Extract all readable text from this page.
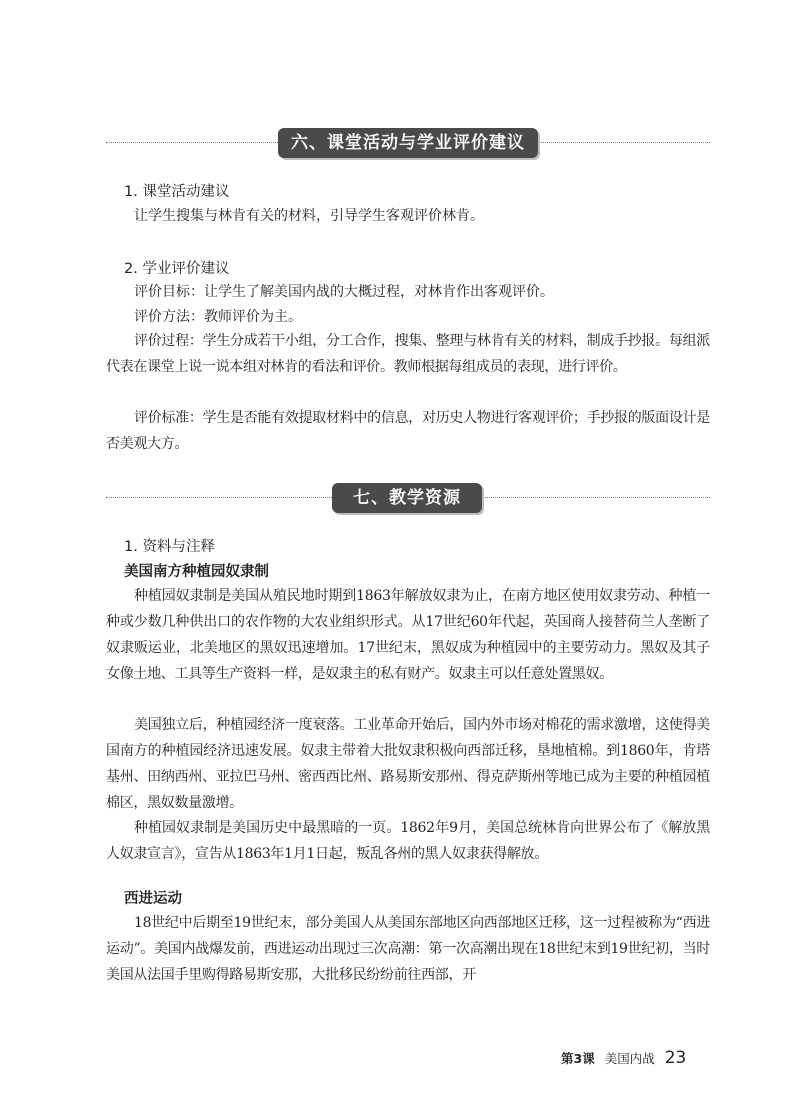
六、课堂活动与学业评价建议
1. 课堂活动建议

让学生搜集与林肯有关的材料，引导学生客观评价林肯。

2. 学业评价建议

评价目标：让学生了解美国内战的大概过程，对林肯作出客观评价。

评价方法：教师评价为主。

评价过程：学生分成若干小组，分工合作，搜集、整理与林肯有关的材料，制成手抄报。每组派代表在课堂上说一说本组对林肯的看法和评价。教师根据每组成员的表现，进行评价。

评价标准：学生是否能有效提取材料中的信息，对历史人物进行客观评价；手抄报的版面设计是否美观大方。

七、教学资源
1. 资料与注释
美国南方种植园奴隶制

种植园奴隶制是美国从殖民地时期到1863年解放奴隶为止，在南方地区使用奴隶劳动、种植一种或少数几种供出口的农作物的大农业组织形式。从17世纪60年代起，英国商人接替荷兰人垄断了奴隶贩运业，北美地区的黑奴迅速增加。17世纪末，黑奴成为种植园中的主要劳动力。黑奴及其子女像土地、工具等生产资料一样，是奴隶主的私有财产。奴隶主可以任意处置黑奴。

美国独立后，种植园经济一度衰落。工业革命开始后，国内外市场对棉花的需求激增，这使得美国南方的种植园经济迅速发展。奴隶主带着大批奴隶积极向西部迁移，垦地植棉。到1860年，肯塔基州、田纳西州、亚拉巴马州、密西西比州、路易斯安那州、得克萨斯州等地已成为主要的种植园植棉区，黑奴数量激增。

种植园奴隶制是美国历史中最黑暗的一页。1862年9月，美国总统林肯向世界公布了《解放黑人奴隶宣言》，宣告从1863年1月1日起，叛乱各州的黑人奴隶获得解放。

西进运动

18世纪中后期至19世纪末，部分美国人从美国东部地区向西部地区迁移，这一过程被称为“西进运动”。美国内战爆发前，西进运动出现过三次高潮：第一次高潮出现在18世纪末到19世纪初，当时美国从法国手里购得路易斯安那，大批移民纷纷前往西部，开

第3课 美国内战 23
